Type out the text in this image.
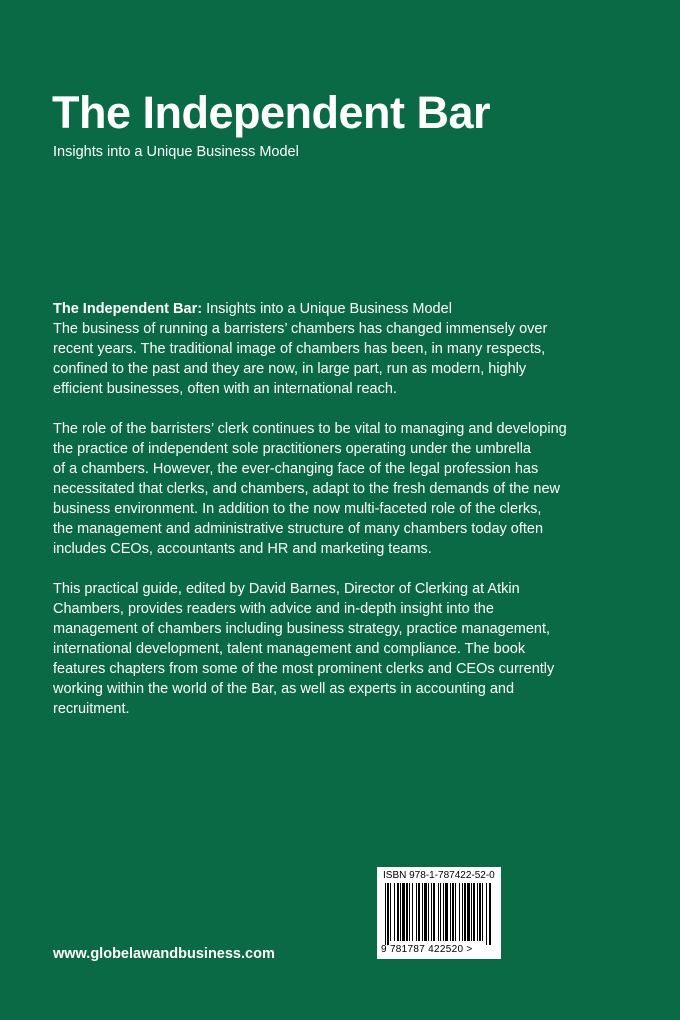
The Independent Bar
Insights into a Unique Business Model
The Independent Bar: Insights into a Unique Business Model

The business of running a barristers’ chambers has changed immensely over
recent years. The traditional image of chambers has been, in many respects,
confined to the past and they are now, in large part, run as modern, highly
efficient businesses, often with an international reach.

The role of the barristers’ clerk continues to be vital to managing and developing
the practice of independent sole practitioners operating under the umbrella
of a chambers. However, the ever-changing face of the legal profession has
necessitated that clerks, and chambers, adapt to the fresh demands of the new
business environment. In addition to the now multi-faceted role of the clerks,
the management and administrative structure of many chambers today often
includes CEOs, accountants and HR and marketing teams.

This practical guide, edited by David Barnes, Director of Clerking at Atkin
Chambers, provides readers with advice and in-depth insight into the
management of chambers including business strategy, practice management,
international development, talent management and compliance. The book
features chapters from some of the most prominent clerks and CEOs currently
working within the world of the Bar, as well as experts in accounting and
recruitment.

www.globelawandbusiness.com
ISBN 978-1-787422-52-0
9 781787 422520 >
